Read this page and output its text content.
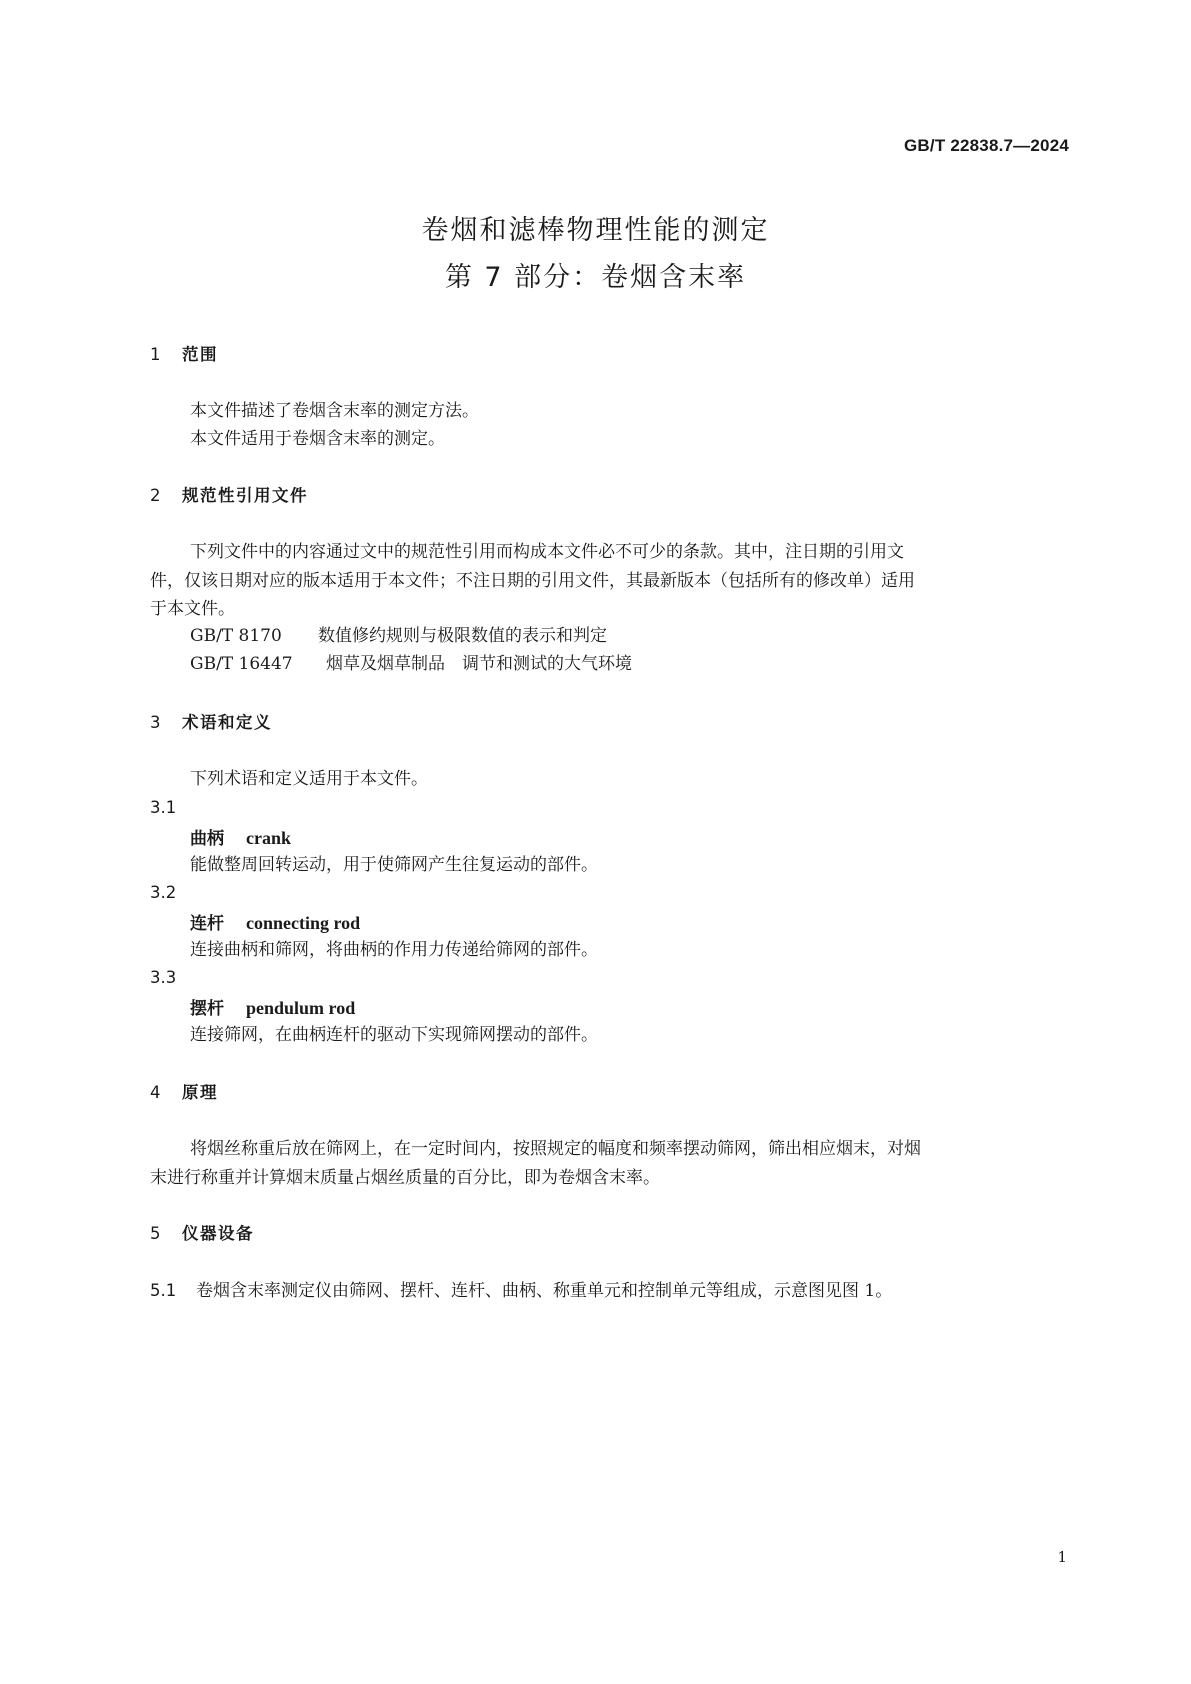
GB/T 22838.7—2024
卷烟和滤棒物理性能的测定
第 7 部分：卷烟含末率
1 范围
本文件描述了卷烟含末率的测定方法。
本文件适用于卷烟含末率的测定。
2 规范性引用文件
下列文件中的内容通过文中的规范性引用而构成本文件必不可少的条款。其中，注日期的引用文
件，仅该日期对应的版本适用于本文件；不注日期的引用文件，其最新版本（包括所有的修改单）适用
于本文件。
GB/T 8170 数值修约规则与极限数值的表示和判定
GB/T 16447 烟草及烟草制品　调节和测试的大气环境
3 术语和定义
下列术语和定义适用于本文件。
3.1
曲柄 crank
能做整周回转运动，用于使筛网产生往复运动的部件。
3.2
连杆 connecting rod
连接曲柄和筛网，将曲柄的作用力传递给筛网的部件。
3.3
摆杆 pendulum rod
连接筛网，在曲柄连杆的驱动下实现筛网摆动的部件。
4 原理
将烟丝称重后放在筛网上，在一定时间内，按照规定的幅度和频率摆动筛网，筛出相应烟末，对烟
末进行称重并计算烟末质量占烟丝质量的百分比，即为卷烟含末率。
5 仪器设备
5.1 卷烟含末率测定仪由筛网、摆杆、连杆、曲柄、称重单元和控制单元等组成，示意图见图 1。
1
